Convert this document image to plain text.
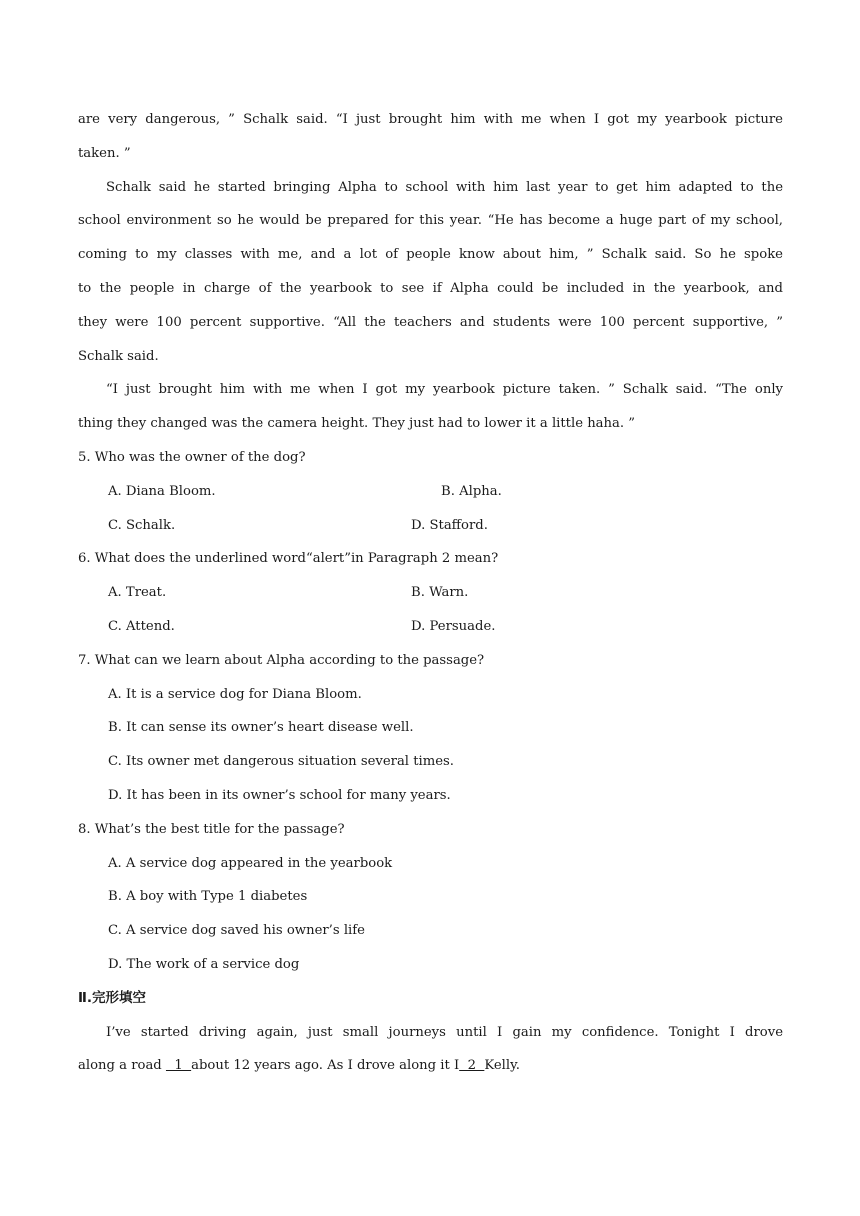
are very dangerous, ” Schalk said. “I just brought him with me when I got my yearbook picture
taken. ”
Schalk said he started bringing Alpha to school with him last year to get him adapted to the
school environment so he would be prepared for this year. “He has become a huge part of my school,
coming to my classes with me, and a lot of people know about him, ” Schalk said. So he spoke
to the people in charge of the yearbook to see if Alpha could be included in the yearbook, and
they were 100 percent supportive. “All the teachers and students were 100 percent supportive, ”
Schalk said.
“I just brought him with me when I got my yearbook picture taken. ” Schalk said. “The only
thing they changed was the camera height. They just had to lower it a little haha. ”
5. Who was the owner of the dog?
A. Diana Bloom.	B. Alpha.
C. Schalk.	D. Stafford.
6. What does the underlined word“alert”in Paragraph 2 mean?
A. Treat.	B. Warn.
C. Attend.	D. Persuade.
7. What can we learn about Alpha according to the passage?
A. It is a service dog for Diana Bloom.
B. It can sense its owner’s heart disease well.
C. Its owner met dangerous situation several times.
D. It has been in its owner’s school for many years.
8. What’s the best title for the passage?
A. A service dog appeared in the yearbook
B. A boy with Type 1 diabetes
C. A service dog saved his owner’s life
D. The work of a service dog
Ⅱ.完形填空
I’ve started driving again, just small journeys until I gain my confidence. Tonight I drove
along a road   1  about 12 years ago. As I drove along it I  2  Kelly.
